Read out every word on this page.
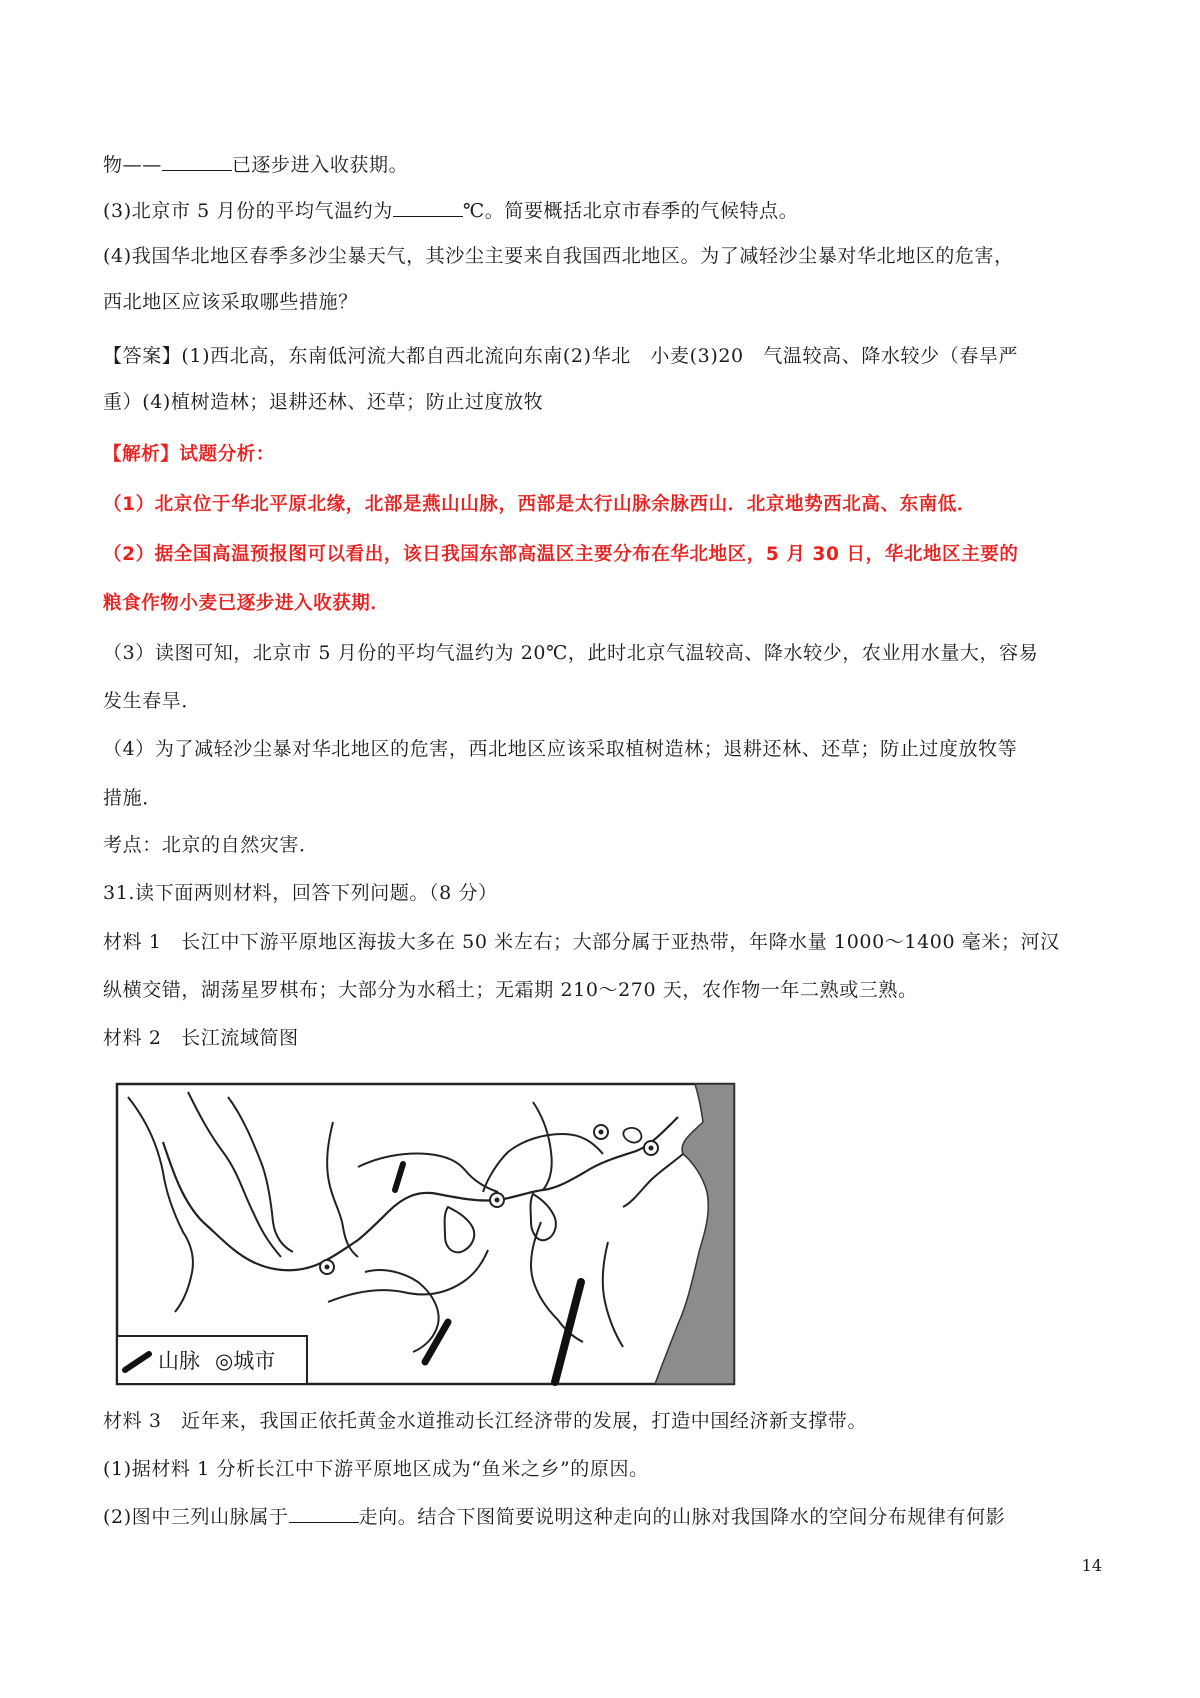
物——	已逐步进入收获期。
(3)北京市 5 月份的平均气温约为	℃。简要概括北京市春季的气候特点。
(4)我国华北地区春季多沙尘暴天气，其沙尘主要来自我国西北地区。为了减轻沙尘暴对华北地区的危害，
西北地区应该采取哪些措施？
【答案】(1)西北高，东南低河流大都自西北流向东南(2)华北　小麦(3)20　气温较高、降水较少（春旱严
重）(4)植树造林；退耕还林、还草；防止过度放牧
【解析】试题分析：
（1）北京位于华北平原北缘，北部是燕山山脉，西部是太行山脉余脉西山．北京地势西北高、东南低．
（2）据全国高温预报图可以看出，该日我国东部高温区主要分布在华北地区，5 月 30 日，华北地区主要的
粮食作物小麦已逐步进入收获期．
（3）读图可知，北京市 5 月份的平均气温约为 20℃，此时北京气温较高、降水较少，农业用水量大，容易
发生春旱．
（4）为了减轻沙尘暴对华北地区的危害，西北地区应该采取植树造林；退耕还林、还草；防止过度放牧等
措施．
考点：北京的自然灾害．
31.读下面两则材料，回答下列问题。（8 分）
材料 1　长江中下游平原地区海拔大多在 50 米左右；大部分属于亚热带，年降水量 1000～1400 毫米；河汉
纵横交错，湖荡星罗棋布；大部分为水稻土；无霜期 210～270 天，农作物一年二熟或三熟。
材料 2　长江流域简图
山脉 ◎城市
材料 3　近年来，我国正依托黄金水道推动长江经济带的发展，打造中国经济新支撑带。
(1)据材料 1 分析长江中下游平原地区成为“鱼米之乡”的原因。
(2)图中三列山脉属于	走向。结合下图简要说明这种走向的山脉对我国降水的空间分布规律有何影
14
